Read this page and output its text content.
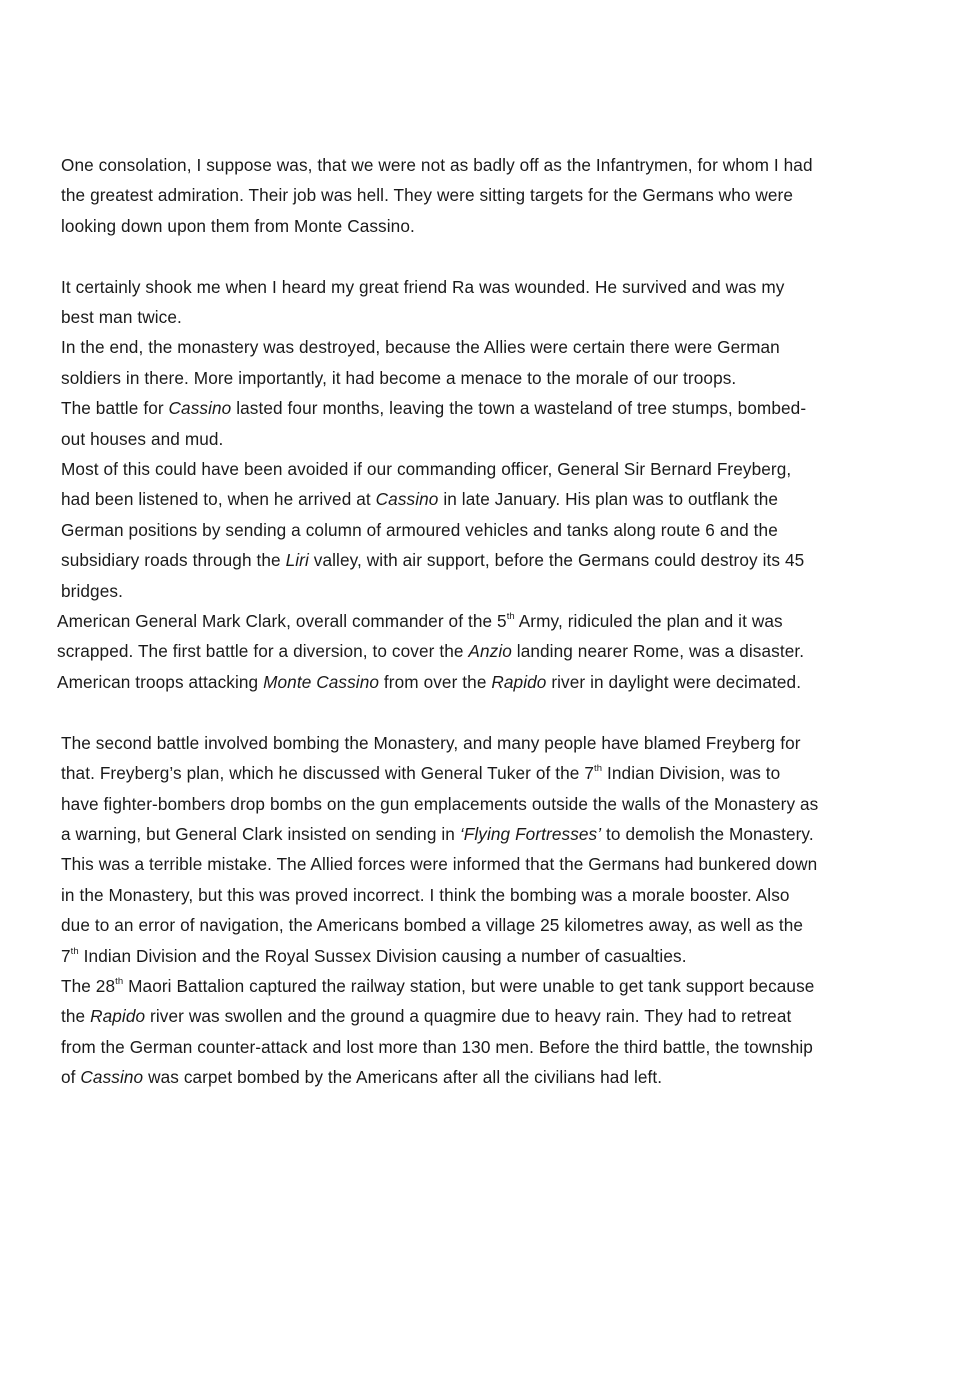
One consolation, I suppose was, that we were not as badly off as the Infantrymen, for whom I had the greatest admiration. Their job was hell. They were sitting targets for the Germans who were looking down upon them from Monte Cassino.

It certainly shook me when I heard my great friend Ra was wounded. He survived and was my best man twice.

In the end, the monastery was destroyed, because the Allies were certain there were German soldiers in there. More importantly, it had become a menace to the morale of our troops.

The battle for Cassino lasted four months, leaving the town a wasteland of tree stumps, bombed-out houses and mud.

Most of this could have been avoided if our commanding officer, General Sir Bernard Freyberg, had been listened to, when he arrived at Cassino in late January. His plan was to outflank the German positions by sending a column of armoured vehicles and tanks along route 6 and the subsidiary roads through the Liri valley, with air support, before the Germans could destroy its 45 bridges.

American General Mark Clark, overall commander of the 5th Army, ridiculed the plan and it was scrapped. The first battle for a diversion, to cover the Anzio landing nearer Rome, was a disaster. American troops attacking Monte Cassino from over the Rapido river in daylight were decimated.

The second battle involved bombing the Monastery, and many people have blamed Freyberg for that. Freyberg’s plan, which he discussed with General Tuker of the 7th Indian Division, was to have fighter-bombers drop bombs on the gun emplacements outside the walls of the Monastery as a warning, but General Clark insisted on sending in ‘Flying Fortresses’ to demolish the Monastery. This was a terrible mistake. The Allied forces were informed that the Germans had bunkered down in the Monastery, but this was proved incorrect. I think the bombing was a morale booster. Also due to an error of navigation, the Americans bombed a village 25 kilometres away, as well as the 7th Indian Division and the Royal Sussex Division causing a number of casualties.

The 28th Maori Battalion captured the railway station, but were unable to get tank support because the Rapido river was swollen and the ground a quagmire due to heavy rain. They had to retreat from the German counter-attack and lost more than 130 men. Before the third battle, the township of Cassino was carpet bombed by the Americans after all the civilians had left.
